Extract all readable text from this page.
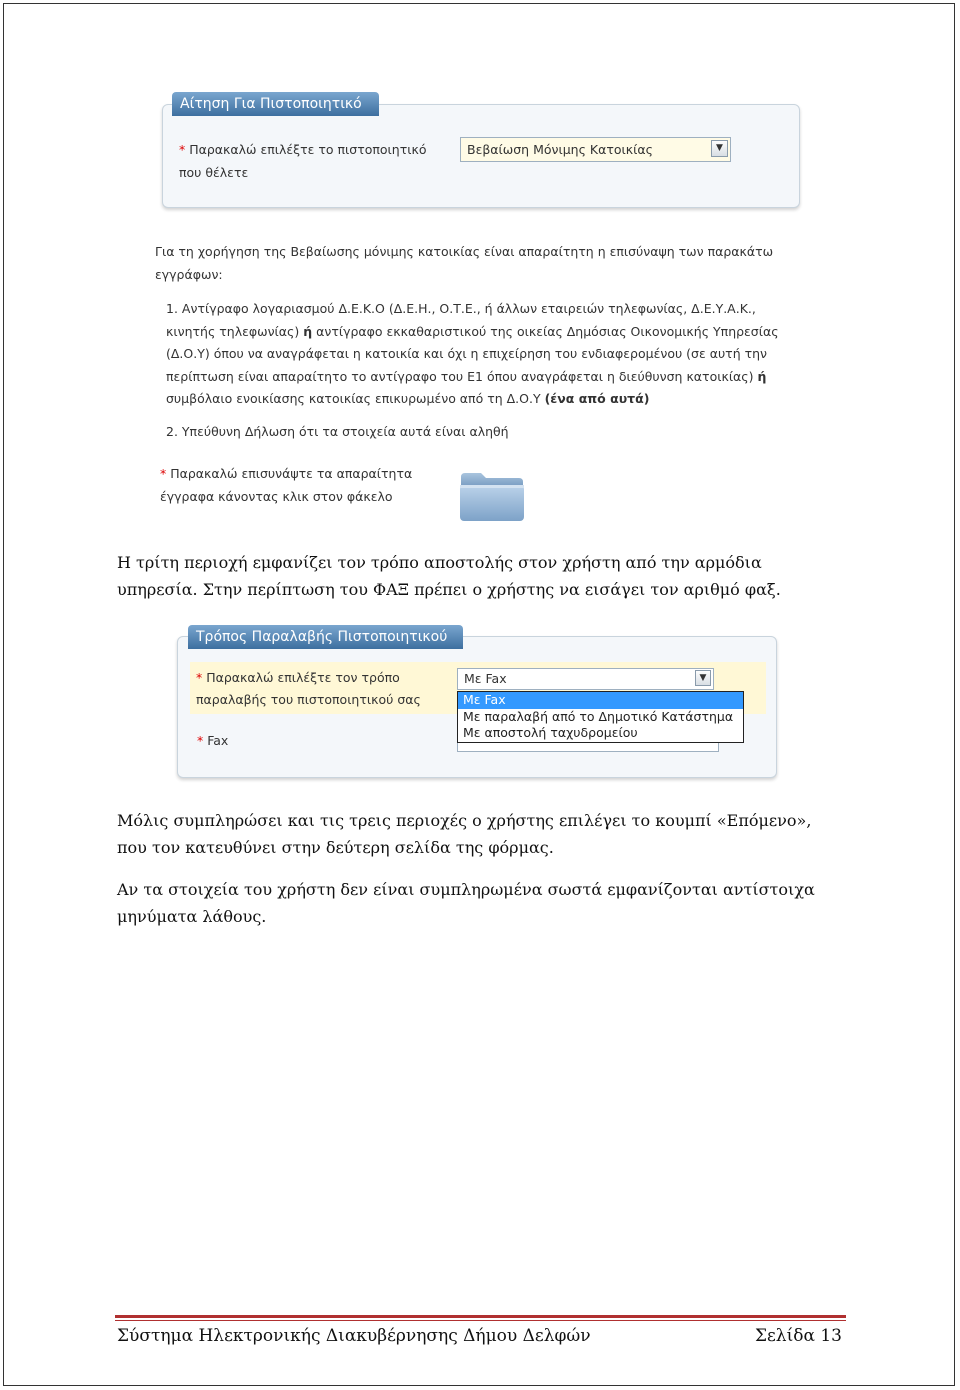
Αίτηση Για Πιστοποιητικό
* Παρακαλώ επιλέξτε το πιστοποιητικό που θέλετε
Βεβαίωση Μόνιμης Κατοικίας	▼
Για τη χορήγηση της Βεβαίωσης μόνιμης κατοικίας είναι απαραίτητη η επισύναψη των παρακάτω εγγράφων:
1. Αντίγραφο λογαριασμού Δ.Ε.Κ.Ο (Δ.Ε.Η., Ο.Τ.Ε., ή άλλων εταιρειών τηλεφωνίας, Δ.Ε.Υ.Α.Κ., κινητής τηλεφωνίας) ή αντίγραφο εκκαθαριστικού της οικείας Δημόσιας Οικονομικής Υπηρεσίας (Δ.Ο.Υ) όπου να αναγράφεται η κατοικία και όχι η επιχείρηση του ενδιαφερομένου (σε αυτή την περίπτωση είναι απαραίτητο το αντίγραφο του Ε1 όπου αναγράφεται η διεύθυνση κατοικίας) ή συμβόλαιο ενοικίασης κατοικίας επικυρωμένο από τη Δ.Ο.Υ (ένα από αυτά)
2. Υπεύθυνη Δήλωση ότι τα στοιχεία αυτά είναι αληθή
* Παρακαλώ επισυνάψτε τα απαραίτητα έγγραφα κάνοντας κλικ στον φάκελο
Η τρίτη περιοχή εμφανίζει τον τρόπο αποστολής στον χρήστη από την αρμόδια υπηρεσία. Στην περίπτωση του ΦΑΞ πρέπει ο χρήστης να εισάγει τον αριθμό φαξ.
Τρόπος Παραλαβής Πιστοποιητικού
* Παρακαλώ επιλέξτε τον τρόπο παραλαβής του πιστοποιητικού σας
Με Fax	▼
* Fax
Με Fax
Με παραλαβή από το Δημοτικό Κατάστημα
Με αποστολή ταχυδρομείου
Μόλις συμπληρώσει και τις τρεις περιοχές ο χρήστης επιλέγει το κουμπί «Επόμενο», που τον κατευθύνει στην δεύτερη σελίδα της φόρμας.
Αν τα στοιχεία του χρήστη δεν είναι συμπληρωμένα σωστά εμφανίζονται αντίστοιχα μηνύματα λάθους.
Σύστημα Ηλεκτρονικής Διακυβέρνησης Δήμου Δελφών	Σελίδα 13
